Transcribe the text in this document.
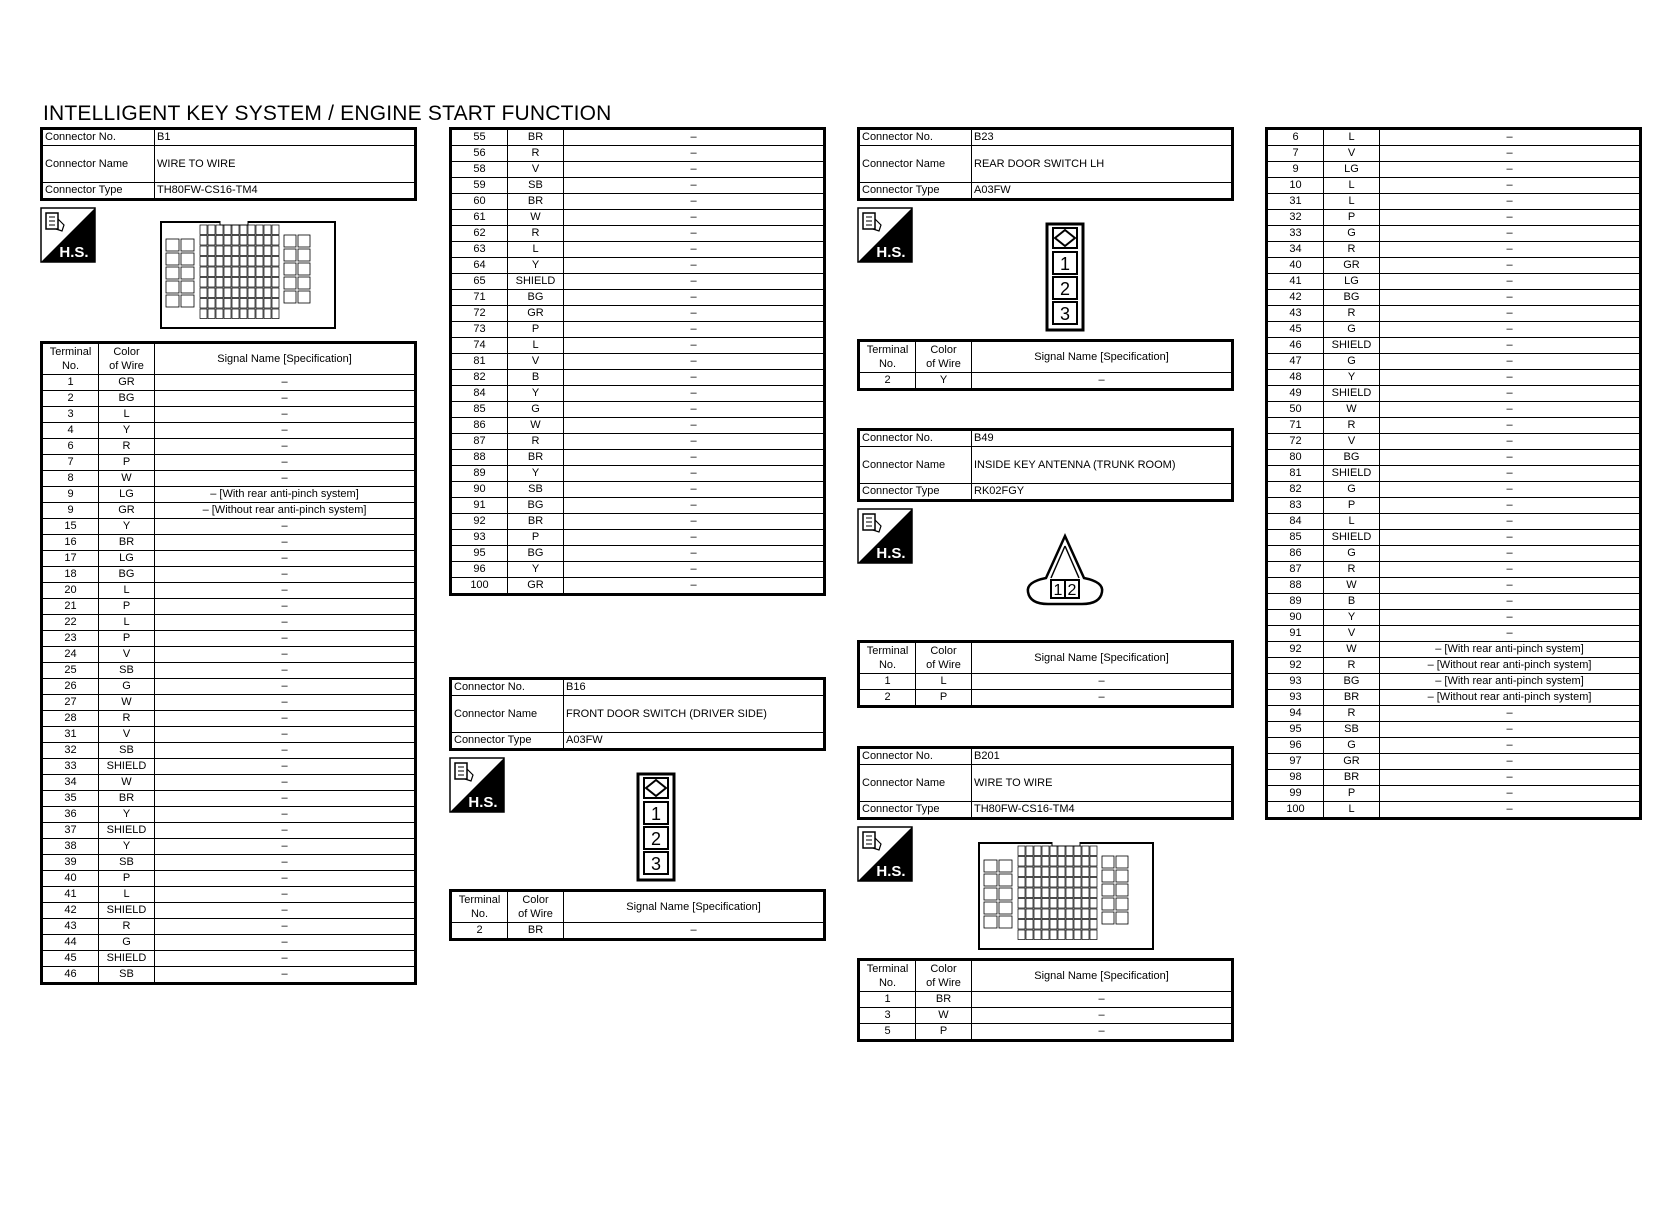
INTELLIGENT KEY SYSTEM / ENGINE START FUNCTION
Connector No.	B1
Connector Name	WIRE TO WIRE
Connector Type	TH80FW-CS16-TM4
H.S.
Terminal
No.	Color
of Wire	Signal Name [Specification]
1	GR	–
2	BG	–
3	L	–
4	Y	–
6	R	–
7	P	–
8	W	–
9	LG	– [With rear anti-pinch system]
9	GR	– [Without rear anti-pinch system]
15	Y	–
16	BR	–
17	LG	–
18	BG	–
20	L	–
21	P	–
22	L	–
23	P	–
24	V	–
25	SB	–
26	G	–
27	W	–
28	R	–
31	V	–
32	SB	–
33	SHIELD	–
34	W	–
35	BR	–
36	Y	–
37	SHIELD	–
38	Y	–
39	SB	–
40	P	–
41	L	–
42	SHIELD	–
43	R	–
44	G	–
45	SHIELD	–
46	SB	–
55	BR	–
56	R	–
58	V	–
59	SB	–
60	BR	–
61	W	–
62	R	–
63	L	–
64	Y	–
65	SHIELD	–
71	BG	–
72	GR	–
73	P	–
74	L	–
81	V	–
82	B	–
84	Y	–
85	G	–
86	W	–
87	R	–
88	BR	–
89	Y	–
90	SB	–
91	BG	–
92	BR	–
93	P	–
95	BG	–
96	Y	–
100	GR	–
Connector No.	B16
Connector Name	FRONT DOOR SWITCH (DRIVER SIDE)
Connector Type	A03FW
H.S.
1
2
3
Terminal
No.	Color
of Wire	Signal Name [Specification]
2	BR	–
Connector No.	B23
Connector Name	REAR DOOR SWITCH LH
Connector Type	A03FW
H.S.
1
2
3
Terminal
No.	Color
of Wire	Signal Name [Specification]
2	Y	–
Connector No.	B49
Connector Name	INSIDE KEY ANTENNA (TRUNK ROOM)
Connector Type	RK02FGY
H.S.
1 2
Terminal
No.	Color
of Wire	Signal Name [Specification]
1	L	–
2	P	–
Connector No.	B201
Connector Name	WIRE TO WIRE
Connector Type	TH80FW-CS16-TM4
H.S.
Terminal
No.	Color
of Wire	Signal Name [Specification]
1	BR	–
3	W	–
5	P	–
6	L	–
7	V	–
9	LG	–
10	L	–
31	L	–
32	P	–
33	G	–
34	R	–
40	GR	–
41	LG	–
42	BG	–
43	R	–
45	G	–
46	SHIELD	–
47	G	–
48	Y	–
49	SHIELD	–
50	W	–
71	R	–
72	V	–
80	BG	–
81	SHIELD	–
82	G	–
83	P	–
84	L	–
85	SHIELD	–
86	G	–
87	R	–
88	W	–
89	B	–
90	Y	–
91	V	–
92	W	– [With rear anti-pinch system]
92	R	– [Without rear anti-pinch system]
93	BG	– [With rear anti-pinch system]
93	BR	– [Without rear anti-pinch system]
94	R	–
95	SB	–
96	G	–
97	GR	–
98	BR	–
99	P	–
100	L	–
